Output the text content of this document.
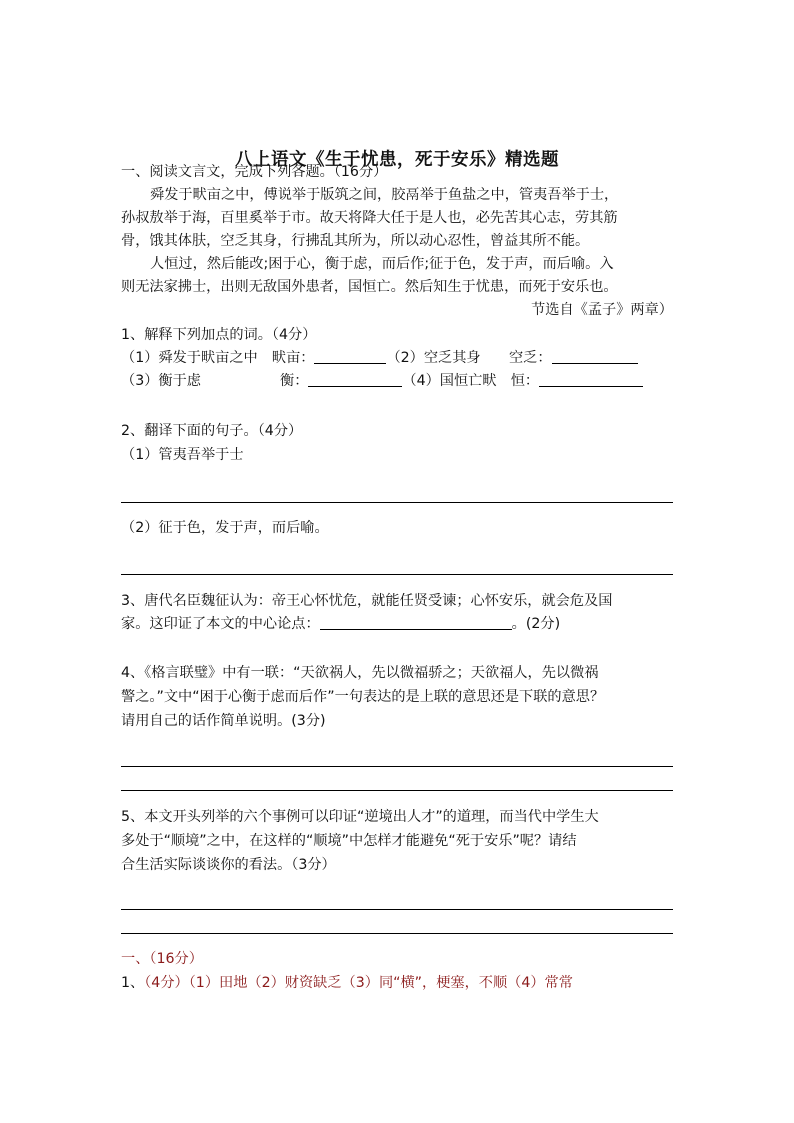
八上语文《生于忧患，死于安乐》精选题
一、阅读文言文，完成下列各题。（16分）
舜发于畎亩之中，傅说举于版筑之间，胶鬲举于鱼盐之中，管夷吾举于士，
孙叔敖举于海，百里奚举于市。故天将降大任于是人也，必先苦其心志，劳其筋
骨，饿其体肤，空乏其身，行拂乱其所为，所以动心忍性，曾益其所不能。
人恒过，然后能改;困于心，衡于虑，而后作;征于色，发于声，而后喻。入
则无法家拂士，出则无敌国外患者，国恒亡。然后知生于忧患，而死于安乐也。
节选自《孟子》两章）
1、解释下列加点的词。（4分）
（1）舜发于畎亩之中　畎亩：	（2）空乏其身　　空乏：
（3）衡于虑	衡：	（4）国恒亡畎　恒：
2、翻译下面的句子。（4分）
（1）管夷吾举于士
（2）征于色，发于声，而后喻。
3、唐代名臣魏征认为：帝王心怀忧危，就能任贤受谏；心怀安乐，就会危及国
家。这印证了本文的中心论点：	。(2分)
4、《格言联璧》中有一联：“天欲祸人，先以微福骄之；天欲福人，先以微祸
警之。”文中“困于心衡于虑而后作”一句表达的是上联的意思还是下联的意思？
请用自己的话作简单说明。(3分)
5、本文开头列举的六个事例可以印证“逆境出人才”的道理，而当代中学生大
多处于“顺境”之中，在这样的“顺境”中怎样才能避免“死于安乐”呢？请结
合生活实际谈谈你的看法。（3分）
一、（16分）
1、（4分）（1）田地（2）财资缺乏（3）同“横”，梗塞，不顺（4）常常
